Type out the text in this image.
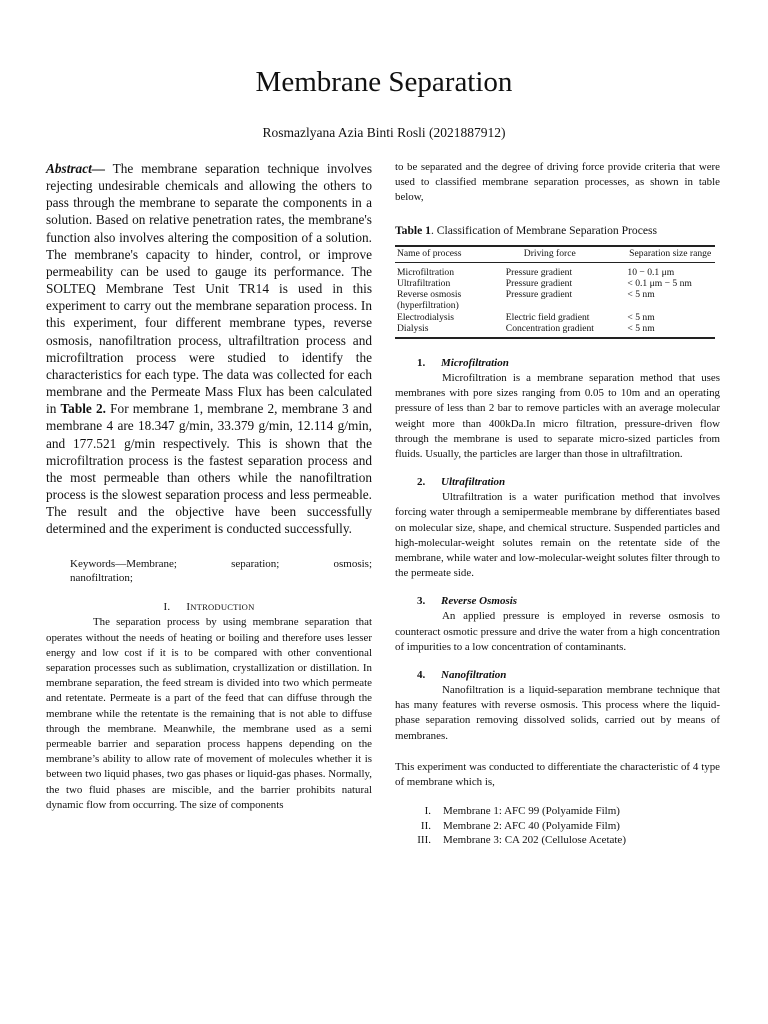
Membrane Separation
Rosmazlyana Azia Binti Rosli (2021887912)

Abstract— The membrane separation technique involves rejecting undesirable chemicals and allowing the others to pass through the membrane to separate the components in a solution. Based on relative penetration rates, the membrane's function also involves altering the composition of a solution. The membrane's capacity to hinder, control, or improve permeability can be used to gauge its performance. The SOLTEQ Membrane Test Unit TR14 is used in this experiment to carry out the membrane separation process. In this experiment, four different membrane types, reverse osmosis, nanofiltration process, ultrafiltration process and microfiltration process were studied to identify the characteristics for each type. The data was collected for each membrane and the Permeate Mass Flux has been calculated in Table 2. For membrane 1, membrane 2, membrane 3 and membrane 4 are 18.347 g/min, 33.379 g/min, 12.114 g/min, and 177.521 g/min respectively. This is shown that the microfiltration process is the fastest separation process and the most permeable than others while the nanofiltration process is the slowest separation process and less permeable. The result and the objective have been successfully determined and the experiment is conducted successfully.

Keywords—Membrane; separation; osmosis;
nanofiltration;
I. INTRODUCTION

The separation process by using membrane separation that operates without the needs of heating or boiling and therefore uses lesser energy and low cost if it is to be compared with other conventional separation processes such as sublimation, crystallization or distillation. In membrane separation, the feed stream is divided into two which permeate and retentate. Permeate is a part of the feed that can diffuse through the membrane while the retentate is the remaining that is not able to diffuse through the membrane. Meanwhile, the membrane used as a semi permeable barrier and separation process happens depending on the membrane’s ability to allow rate of movement of molecules whether it is between two liquid phases, two gas phases or liquid-gas phases. Normally, the two fluid phases are miscible, and the barrier prohibits natural dynamic flow from occurring. The size of components

to be separated and the degree of driving force provide criteria that were used to classified membrane separation processes, as shown in table below,

Table 1. Classification of Membrane Separation Process
Name of process	Driving force	Separation size range
Microfiltration	Pressure gradient	10 − 0.1 μm
Ultrafiltration	Pressure gradient	< 0.1 μm − 5 nm
Reverse osmosis (hyperfiltration)	Pressure gradient	< 5 nm
Electrodialysis	Electric field gradient	< 5 nm
Dialysis	Concentration gradient	< 5 nm
1. Microfiltration

Microfiltration is a membrane separation method that uses membranes with pore sizes ranging from 0.05 to 10m and an operating pressure of less than 2 bar to remove particles with an average molecular weight more than 400kDa.In micro filtration, pressure-driven flow through the membrane is used to separate micro-sized particles from fluids. Usually, the particles are larger than those in ultrafiltration.

2. Ultrafiltration

Ultrafiltration is a water purification method that involves forcing water through a semipermeable membrane by differentiates based on molecular size, shape, and chemical structure. Suspended particles and high-molecular-weight solutes remain on the retentate side of the membrane, while water and low-molecular-weight solutes filter through to the permeate side.

3. Reverse Osmosis

An applied pressure is employed in reverse osmosis to counteract osmotic pressure and drive the water from a high concentration of impurities to a low concentration of contaminants.

4. Nanofiltration

Nanofiltration is a liquid-separation membrane technique that has many features with reverse osmosis. This process where the liquid-phase separation removing dissolved solids, carried out by means of membranes.

This experiment was conducted to differentiate the characteristic of 4 type of membrane which is,

I.	Membrane 1: AFC 99 (Polyamide Film)
II.	Membrane 2: AFC 40 (Polyamide Film)
III.	Membrane 3: CA 202 (Cellulose Acetate)
